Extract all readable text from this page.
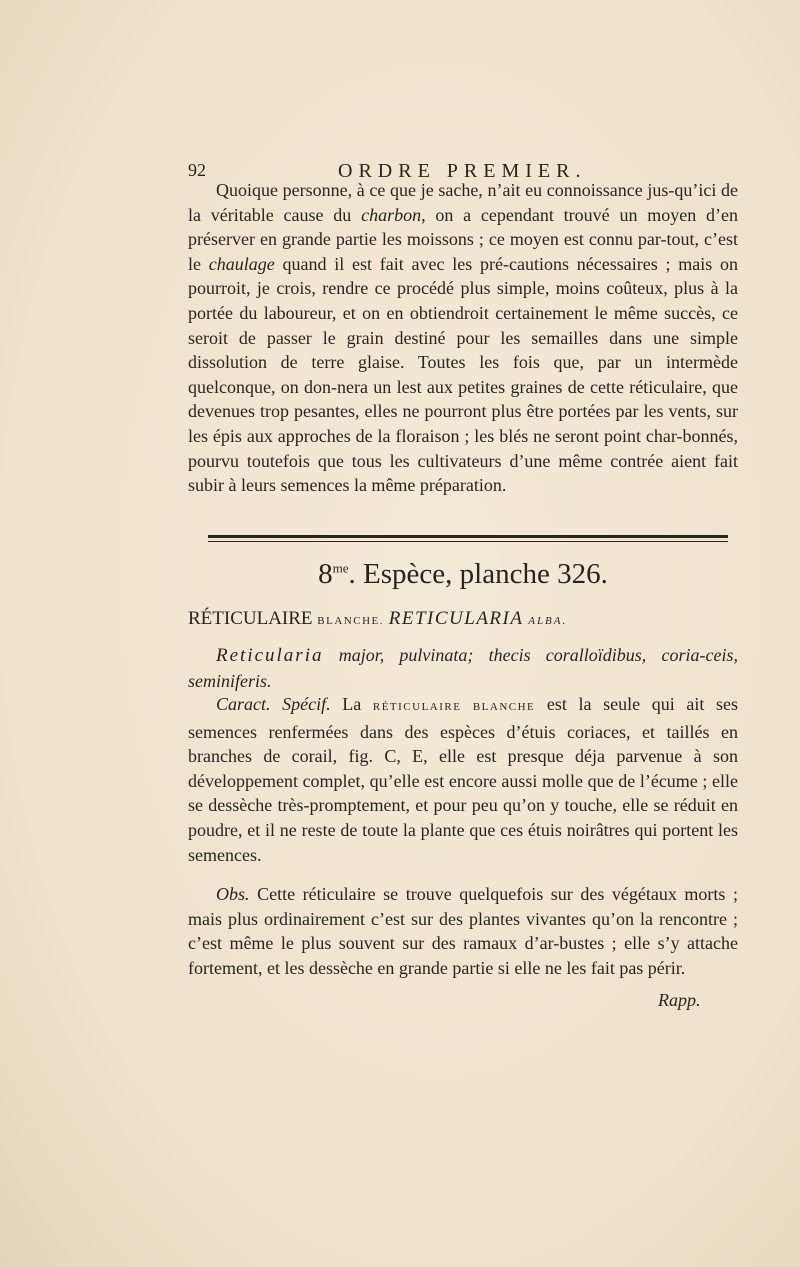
92	ORDRE PREMIER.

Quoique personne, à ce que je sache, n’ait eu connoissance jus-qu’ici de la véritable cause du charbon, on a cependant trouvé un moyen d’en préserver en grande partie les moissons ; ce moyen est connu par-tout, c’est le chaulage quand il est fait avec les pré-cautions nécessaires ; mais on pourroit, je crois, rendre ce procédé plus simple, moins coûteux, plus à la portée du laboureur, et on en obtiendroit certainement le même succès, ce seroit de passer le grain destiné pour les semailles dans une simple dissolution de terre glaise. Toutes les fois que, par un intermède quelconque, on don-nera un lest aux petites graines de cette réticulaire, que devenues trop pesantes, elles ne pourront plus être portées par les vents, sur les épis aux approches de la floraison ; les blés ne seront point char-bonnés, pourvu toutefois que tous les cultivateurs d’une même contrée aient fait subir à leurs semences la même préparation.

$8^{me}$. Espèce, planche 326.
RÉTICULAIRE BLANCHE. RETICULARIA ALBA.

Reticularia major, pulvinata; thecis coralloïdibus, coria-ceis, seminiferis.

Caract. Spécif. La RÉTICULAIRE BLANCHE est la seule qui ait ses semences renfermées dans des espèces d’étuis coriaces, et taillés en branches de corail, fig. C, E, elle est presque déja parvenue à son développement complet, qu’elle est encore aussi molle que de l’écume ; elle se dessèche très-promptement, et pour peu qu’on y touche, elle se réduit en poudre, et il ne reste de toute la plante que ces étuis noirâtres qui portent les semences.

Obs. Cette réticulaire se trouve quelquefois sur des végétaux morts ; mais plus ordinairement c’est sur des plantes vivantes qu’on la rencontre ; c’est même le plus souvent sur des ramaux d’ar-bustes ; elle s’y attache fortement, et les dessèche en grande partie si elle ne les fait pas périr.

Rapp.
